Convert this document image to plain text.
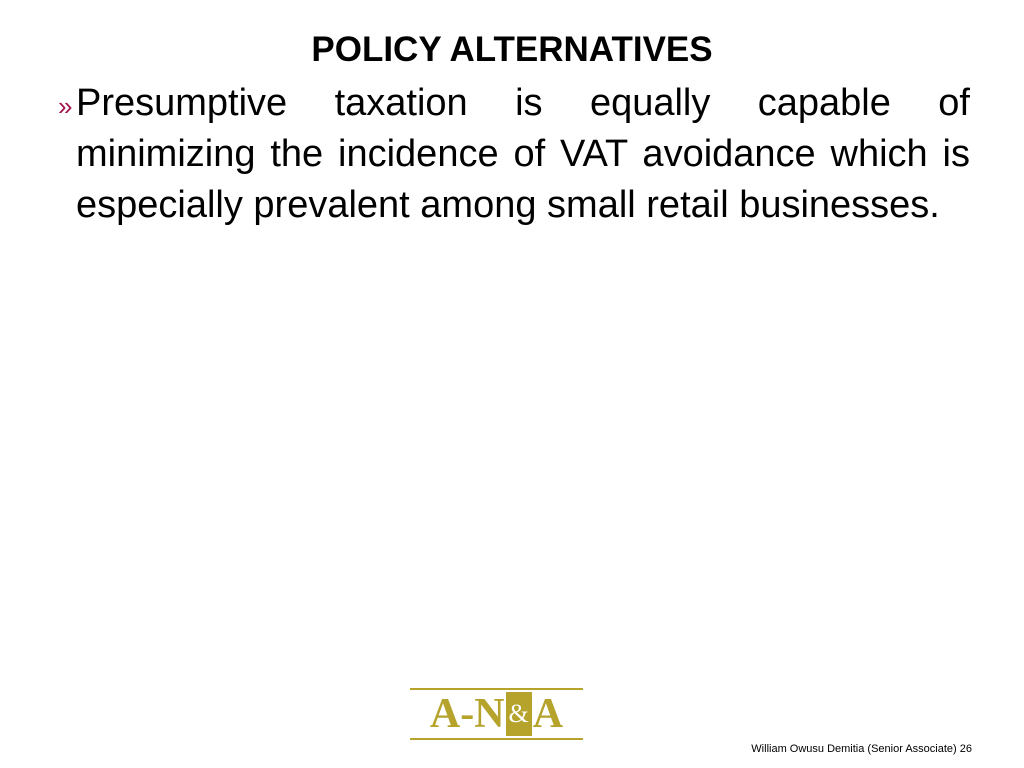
POLICY ALTERNATIVES
» Presumptive taxation is equally capable of minimizing the incidence of VAT avoidance which is especially prevalent among small retail businesses.

A-N & A
William Owusu Demitia (Senior Associate) 26
